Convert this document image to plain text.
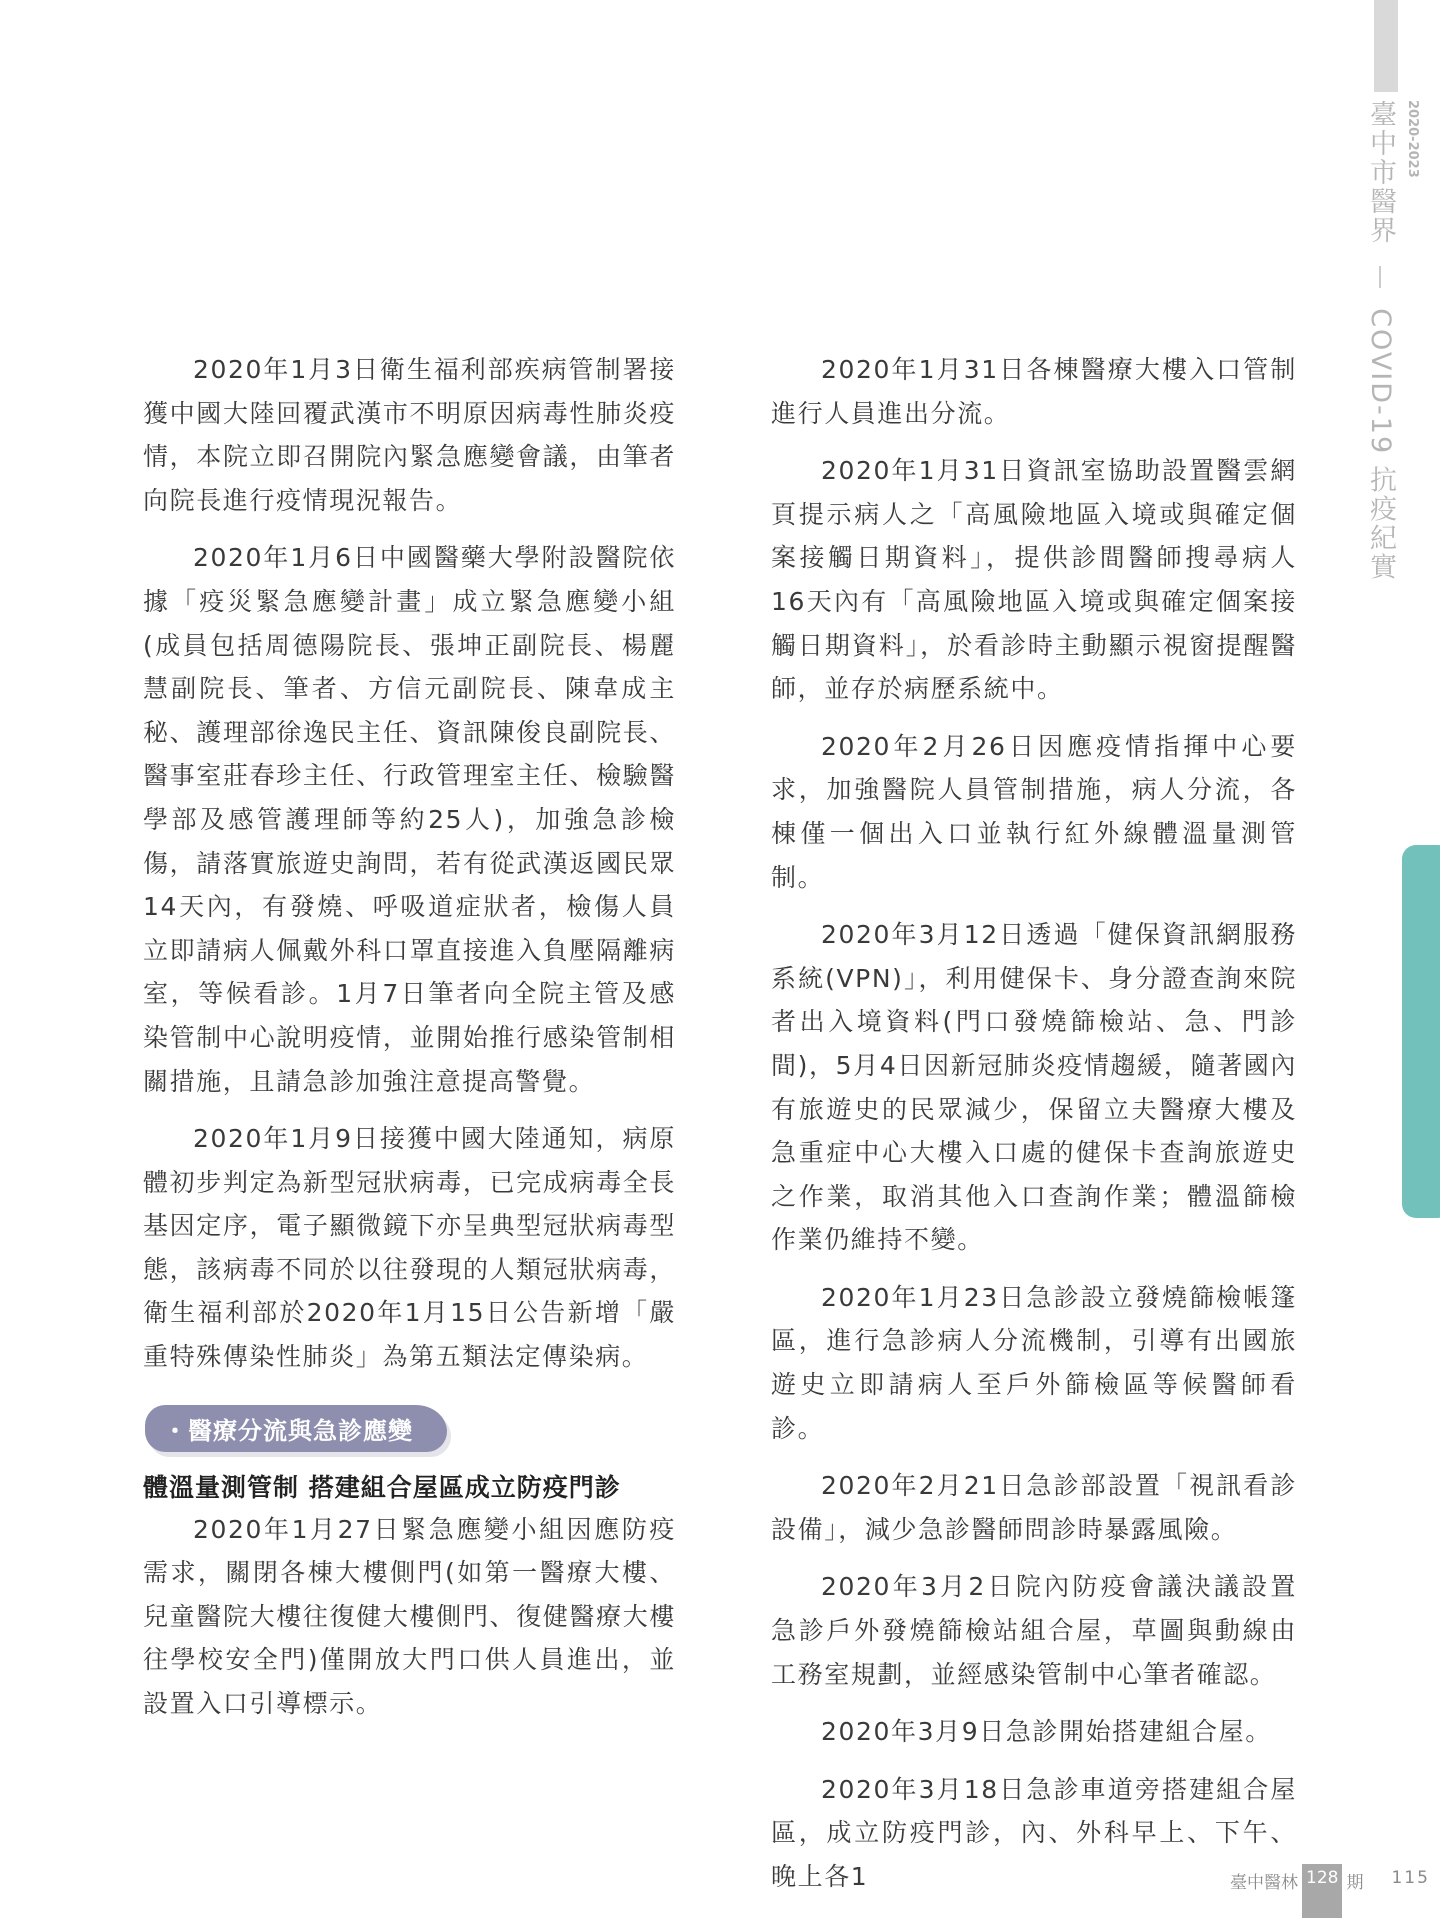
2020-2023
臺中市醫界  COVID-19 抗疫紀實

2020年1月3日衛生福利部疾病管制署接獲中國大陸回覆武漢市不明原因病毒性肺炎疫情，本院立即召開院內緊急應變會議，由筆者向院長進行疫情現況報告。

2020年1月6日中國醫藥大學附設醫院依據「疫災緊急應變計畫」成立緊急應變小組(成員包括周德陽院長、張坤正副院長、楊麗慧副院長、筆者、方信元副院長、陳韋成主秘、護理部徐逸民主任、資訊陳俊良副院長、醫事室莊春珍主任、行政管理室主任、檢驗醫學部及感管護理師等約25人)，加強急診檢傷，請落實旅遊史詢問，若有從武漢返國民眾14天內，有發燒、呼吸道症狀者，檢傷人員立即請病人佩戴外科口罩直接進入負壓隔離病室，等候看診。1月7日筆者向全院主管及感染管制中心說明疫情，並開始推行感染管制相關措施，且請急診加強注意提高警覺。

2020年1月9日接獲中國大陸通知，病原體初步判定為新型冠狀病毒，已完成病毒全長基因定序，電子顯微鏡下亦呈典型冠狀病毒型態，該病毒不同於以往發現的人類冠狀病毒，衛生福利部於2020年1月15日公告新增「嚴重特殊傳染性肺炎」為第五類法定傳染病。

・醫療分流與急診應變
體溫量測管制 搭建組合屋區成立防疫門診

2020年1月27日緊急應變小組因應防疫需求，關閉各棟大樓側門(如第一醫療大樓、兒童醫院大樓往復健大樓側門、復健醫療大樓往學校安全門)僅開放大門口供人員進出，並設置入口引導標示。

2020年1月31日各棟醫療大樓入口管制進行人員進出分流。

2020年1月31日資訊室協助設置醫雲網頁提示病人之「高風險地區入境或與確定個案接觸日期資料」，提供診間醫師搜尋病人16天內有「高風險地區入境或與確定個案接觸日期資料」，於看診時主動顯示視窗提醒醫師，並存於病歷系統中。

2020年2月26日因應疫情指揮中心要求，加強醫院人員管制措施，病人分流，各棟僅一個出入口並執行紅外線體溫量測管制。

2020年3月12日透過「健保資訊網服務系統(VPN)」，利用健保卡、身分證查詢來院者出入境資料(門口發燒篩檢站、急、門診間)，5月4日因新冠肺炎疫情趨緩，隨著國內有旅遊史的民眾減少，保留立夫醫療大樓及急重症中心大樓入口處的健保卡查詢旅遊史之作業，取消其他入口查詢作業；體溫篩檢作業仍維持不變。

2020年1月23日急診設立發燒篩檢帳篷區，進行急診病人分流機制，引導有出國旅遊史立即請病人至戶外篩檢區等候醫師看診。

2020年2月21日急診部設置「視訊看診設備」，減少急診醫師問診時暴露風險。

2020年3月2日院內防疫會議決議設置急診戶外發燒篩檢站組合屋，草圖與動線由工務室規劃，並經感染管制中心筆者確認。

2020年3月9日急診開始搭建組合屋。

2020年3月18日急診車道旁搭建組合屋區，成立防疫門診，內、外科早上、下午、晚上各1	臺中醫林 128 期 115
